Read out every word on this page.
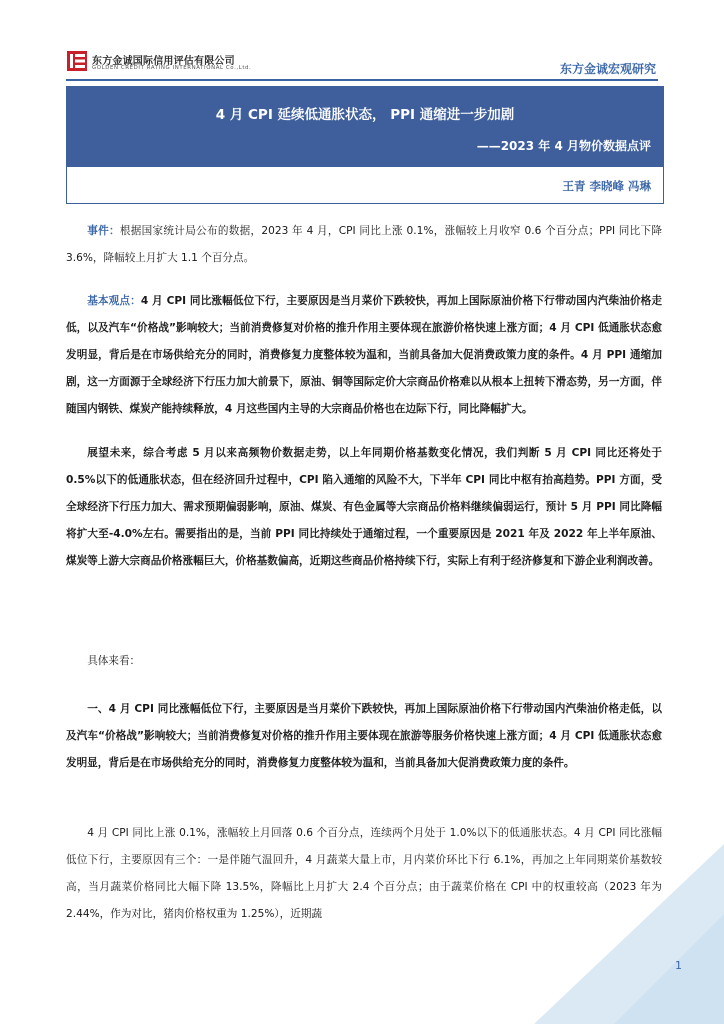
东方金诚国际信用评估有限公司
GOLDEN CREDIT RATING INTERNATIONAL Co.,Ltd.	东方金诚宏观研究
4 月 CPI 延续低通胀状态， PPI 通缩进一步加剧
——2023 年 4 月物价数据点评
王青 李晓峰 冯琳
事件：根据国家统计局公布的数据，2023 年 4 月，CPI 同比上涨 0.1%，涨幅较上月收窄 0.6 个百分点；PPI 同比下降 3.6%，降幅较上月扩大 1.1 个百分点。
基本观点：4 月 CPI 同比涨幅低位下行，主要原因是当月菜价下跌较快，再加上国际原油价格下行带动国内汽柴油价格走低，以及汽车“价格战”影响较大；当前消费修复对价格的推升作用主要体现在旅游价格快速上涨方面；4 月 CPI 低通胀状态愈发明显，背后是在市场供给充分的同时，消费修复力度整体较为温和，当前具备加大促消费政策力度的条件。4 月 PPI 通缩加剧，这一方面源于全球经济下行压力加大前景下，原油、铜等国际定价大宗商品价格难以从根本上扭转下滑态势，另一方面，伴随国内钢铁、煤炭产能持续释放，4 月这些国内主导的大宗商品价格也在边际下行，同比降幅扩大。
展望未来，综合考虑 5 月以来高频物价数据走势，以上年同期价格基数变化情况，我们判断 5 月 CPI 同比还将处于 0.5%以下的低通胀状态，但在经济回升过程中，CPI 陷入通缩的风险不大，下半年 CPI 同比中枢有抬高趋势。PPI 方面，受全球经济下行压力加大、需求预期偏弱影响，原油、煤炭、有色金属等大宗商品价格料继续偏弱运行，预计 5 月 PPI 同比降幅将扩大至-4.0%左右。需要指出的是，当前 PPI 同比持续处于通缩过程，一个重要原因是 2021 年及 2022 年上半年原油、煤炭等上游大宗商品价格涨幅巨大，价格基数偏高，近期这些商品价格持续下行，实际上有利于经济修复和下游企业利润改善。
具体来看：
一、4 月 CPI 同比涨幅低位下行，主要原因是当月菜价下跌较快，再加上国际原油价格下行带动国内汽柴油价格走低，以及汽车“价格战”影响较大；当前消费修复对价格的推升作用主要体现在旅游等服务价格快速上涨方面；4 月 CPI 低通胀状态愈发明显，背后是在市场供给充分的同时，消费修复力度整体较为温和，当前具备加大促消费政策力度的条件。
4 月 CPI 同比上涨 0.1%，涨幅较上月回落 0.6 个百分点，连续两个月处于 1.0%以下的低通胀状态。4 月 CPI 同比涨幅低位下行，主要原因有三个：一是伴随气温回升，4 月蔬菜大量上市，月内菜价环比下行 6.1%，再加之上年同期菜价基数较高，当月蔬菜价格同比大幅下降 13.5%，降幅比上月扩大 2.4 个百分点；由于蔬菜价格在 CPI 中的权重较高（2023 年为 2.44%，作为对比，猪肉价格权重为 1.25%），近期蔬
1
